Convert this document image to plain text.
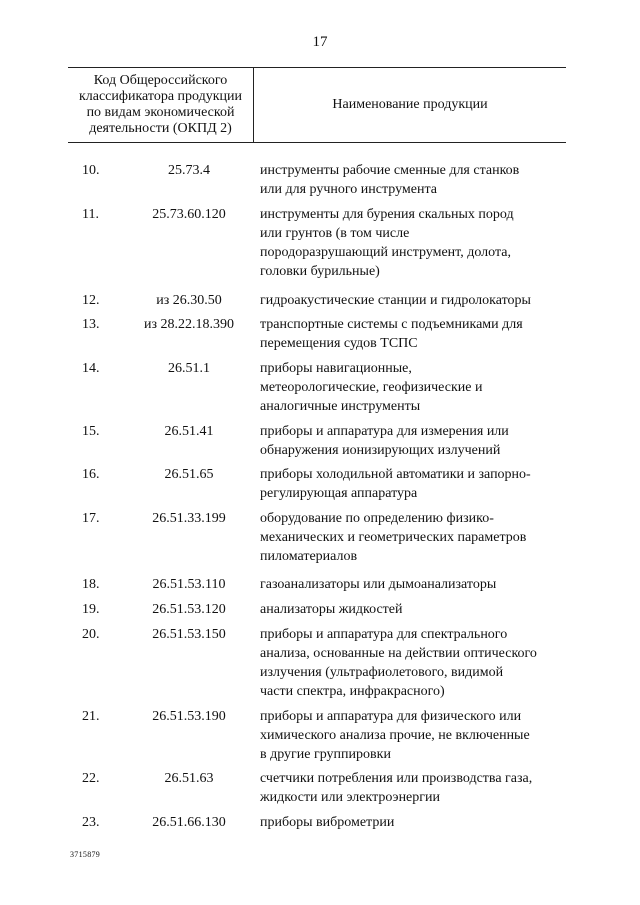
17
Код Общероссийского
классификатора продукции
по видам экономической
деятельности (ОКПД 2)
Наименование продукции
10.	25.73.4	инструменты рабочие сменные для станков
или для ручного инструмента
11.	25.73.60.120	инструменты для бурения скальных пород
или грунтов (в том числе
породоразрушающий инструмент, долота,
головки бурильные)
12.	из 26.30.50	гидроакустические станции и гидролокаторы
13.	из 28.22.18.390	транспортные системы с подъемниками для
перемещения судов ТСПС
14.	26.51.1	приборы навигационные,
метеорологические, геофизические и
аналогичные инструменты
15.	26.51.41	приборы и аппаратура для измерения или
обнаружения ионизирующих излучений
16.	26.51.65	приборы холодильной автоматики и запорно-
регулирующая аппаратура
17.	26.51.33.199	оборудование по определению физико-
механических и геометрических параметров
пиломатериалов
18.	26.51.53.110	газоанализаторы или дымоанализаторы
19.	26.51.53.120	анализаторы жидкостей
20.	26.51.53.150	приборы и аппаратура для спектрального
анализа, основанные на действии оптического
излучения (ультрафиолетового, видимой
части спектра, инфракрасного)
21.	26.51.53.190	приборы и аппаратура для физического или
химического анализа прочие, не включенные
в другие группировки
22.	26.51.63	счетчики потребления или производства газа,
жидкости или электроэнергии
23.	26.51.66.130	приборы виброметрии
3715879
